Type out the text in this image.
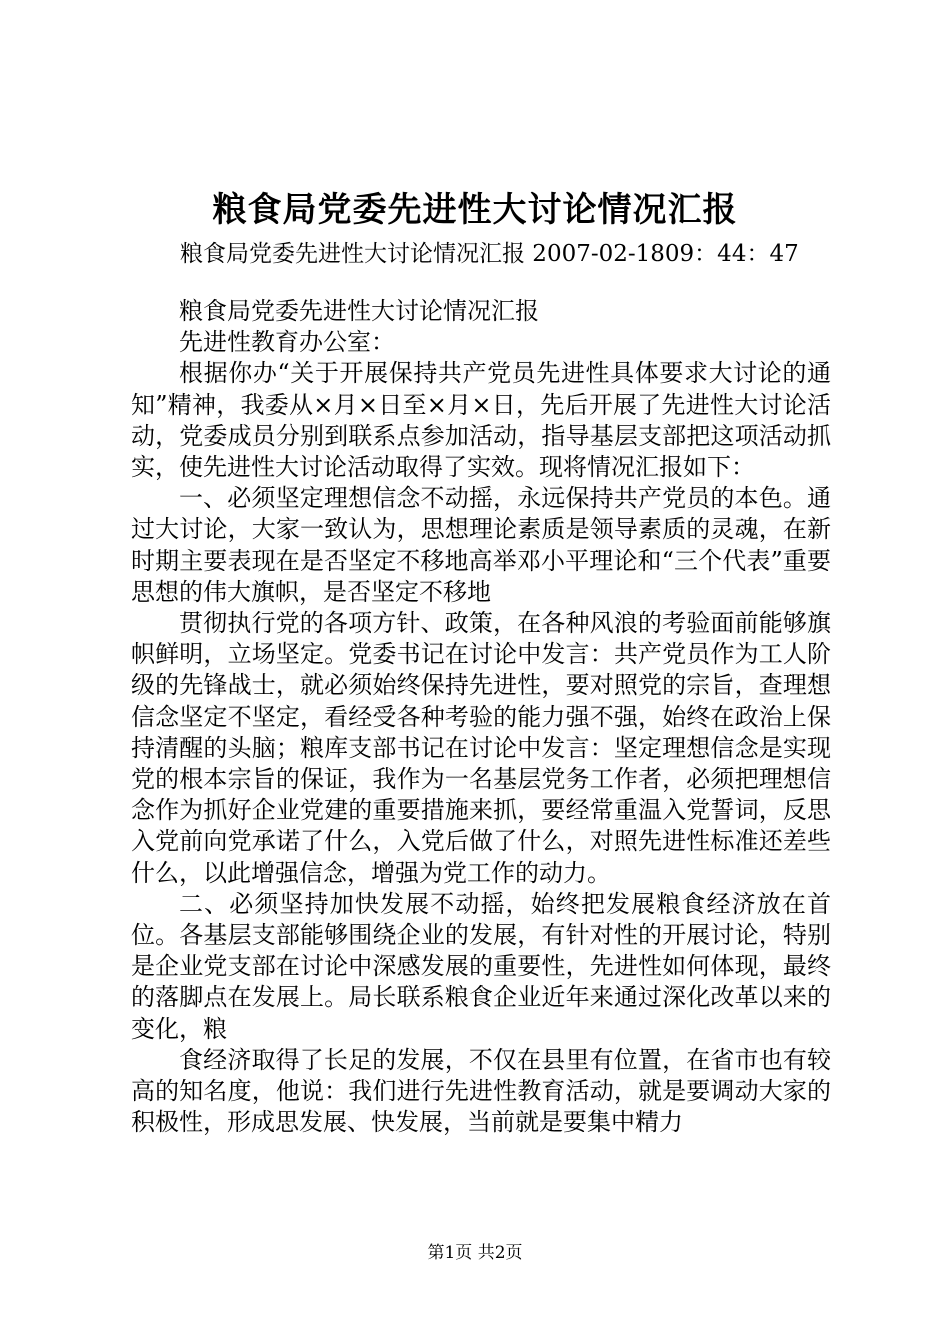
粮食局党委先进性大讨论情况汇报
粮食局党委先进性大讨论情况汇报 2007-02-1809：44：47

粮食局党委先进性大讨论情况汇报

先进性教育办公室：

根据你办“关于开展保持共产党员先进性具体要求大讨论的通知”精神，我委从×月×日至×月×日，先后开展了先进性大讨论活动，党委成员分别到联系点参加活动，指导基层支部把这项活动抓实，使先进性大讨论活动取得了实效。现将情况汇报如下：

一、必须坚定理想信念不动摇，永远保持共产党员的本色。通过大讨论，大家一致认为，思想理论素质是领导素质的灵魂，在新时期主要表现在是否坚定不移地高举邓小平理论和“三个代表”重要思想的伟大旗帜，是否坚定不移地

贯彻执行党的各项方针、政策，在各种风浪的考验面前能够旗帜鲜明，立场坚定。党委书记在讨论中发言：共产党员作为工人阶级的先锋战士，就必须始终保持先进性，要对照党的宗旨，查理想信念坚定不坚定，看经受各种考验的能力强不强，始终在政治上保持清醒的头脑；粮库支部书记在讨论中发言：坚定理想信念是实现党的根本宗旨的保证，我作为一名基层党务工作者，必须把理想信念作为抓好企业党建的重要措施来抓，要经常重温入党誓词，反思入党前向党承诺了什么，入党后做了什么，对照先进性标准还差些什么，以此增强信念，增强为党工作的动力。

二、必须坚持加快发展不动摇，始终把发展粮食经济放在首位。各基层支部能够围绕企业的发展，有针对性的开展讨论，特别是企业党支部在讨论中深感发展的重要性，先进性如何体现，最终的落脚点在发展上。局长联系粮食企业近年来通过深化改革以来的变化，粮

食经济取得了长足的发展，不仅在县里有位置，在省市也有较高的知名度，他说：我们进行先进性教育活动，就是要调动大家的积极性，形成思发展、快发展，当前就是要集中精力

第1页 共2页
